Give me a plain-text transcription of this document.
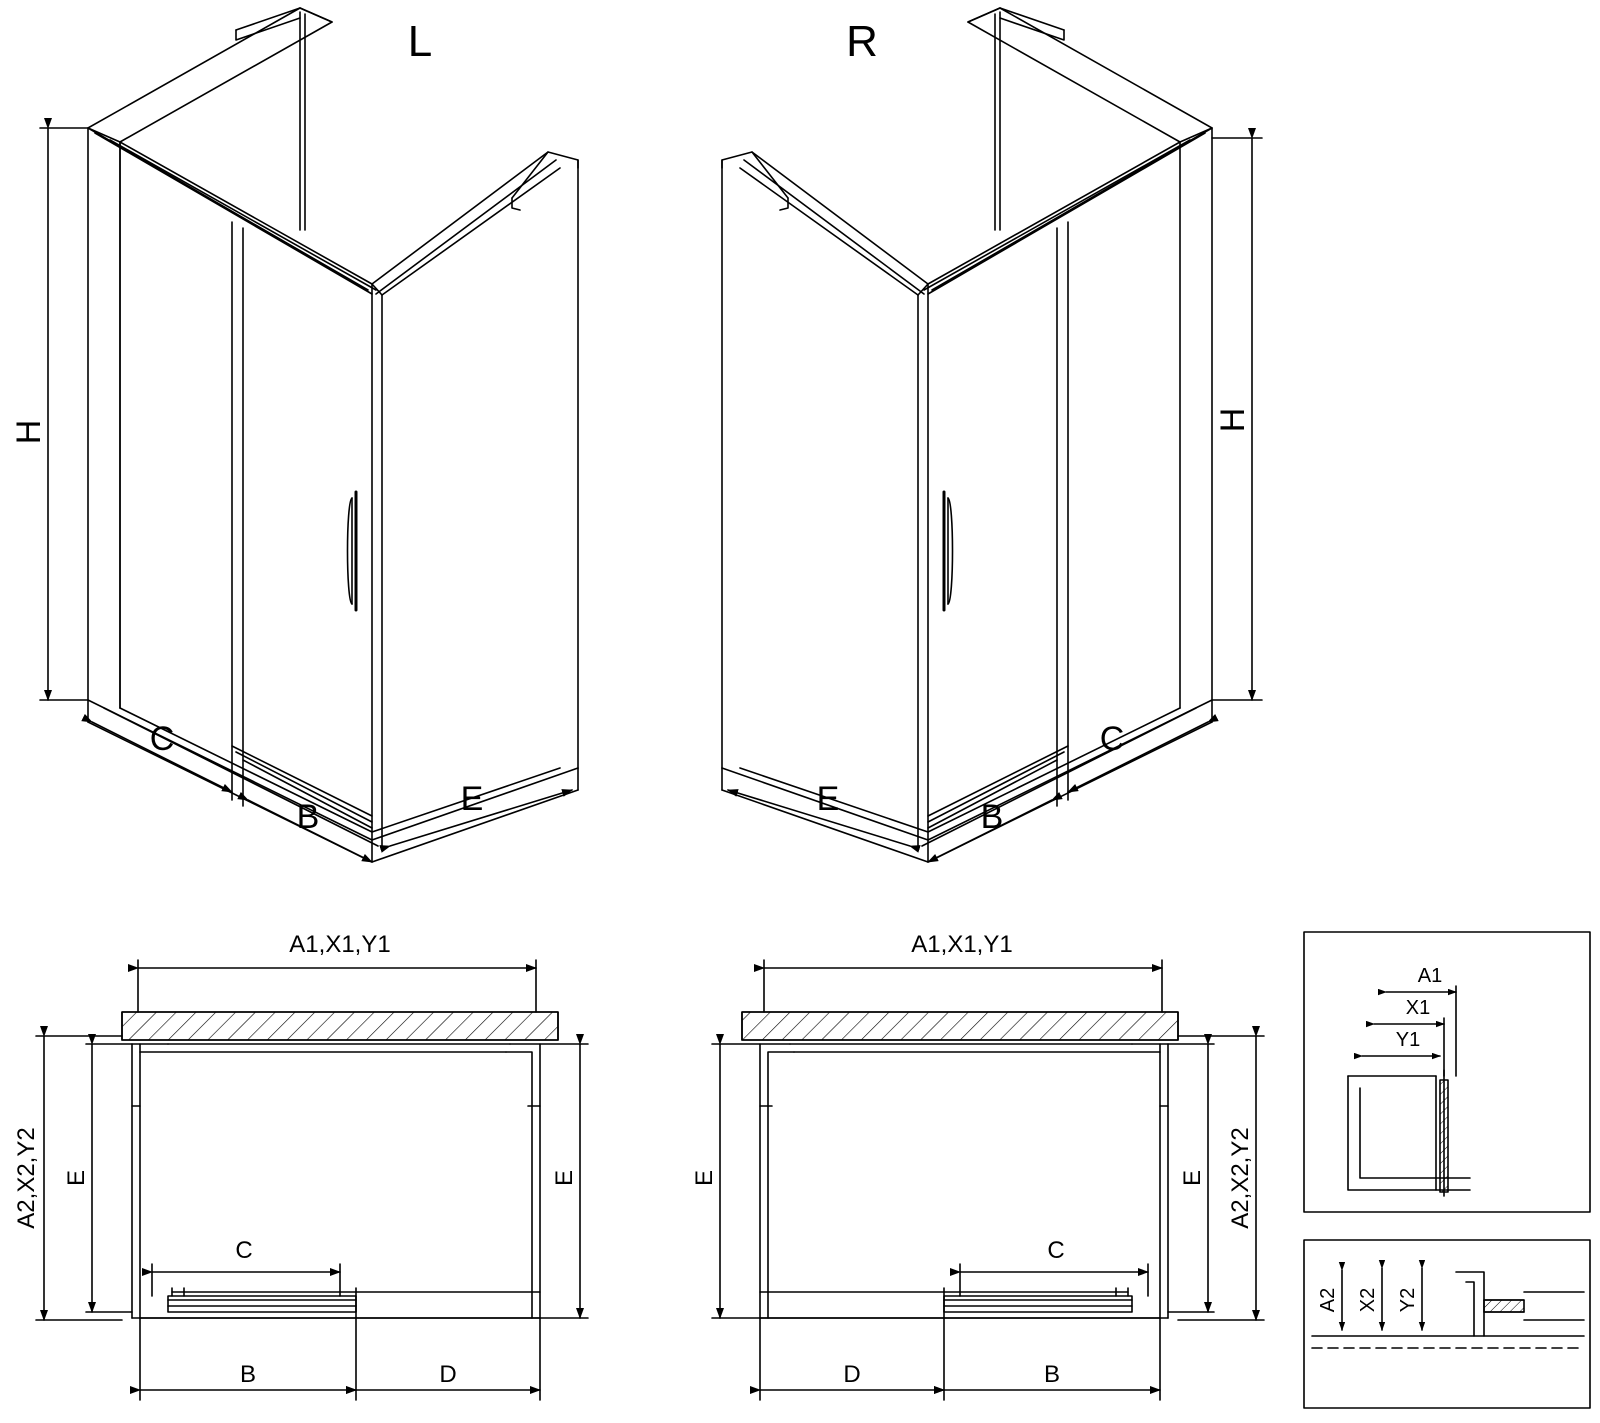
H
C
B	E
L
H
C
B
E
R
A1,X1,Y1
A2,X2,Y2 E	E
C
B	D
A1,X1,Y1
A2,X2,Y2
E
E
C
D	B
A1
X1
Y1
A2 X2 Y2
